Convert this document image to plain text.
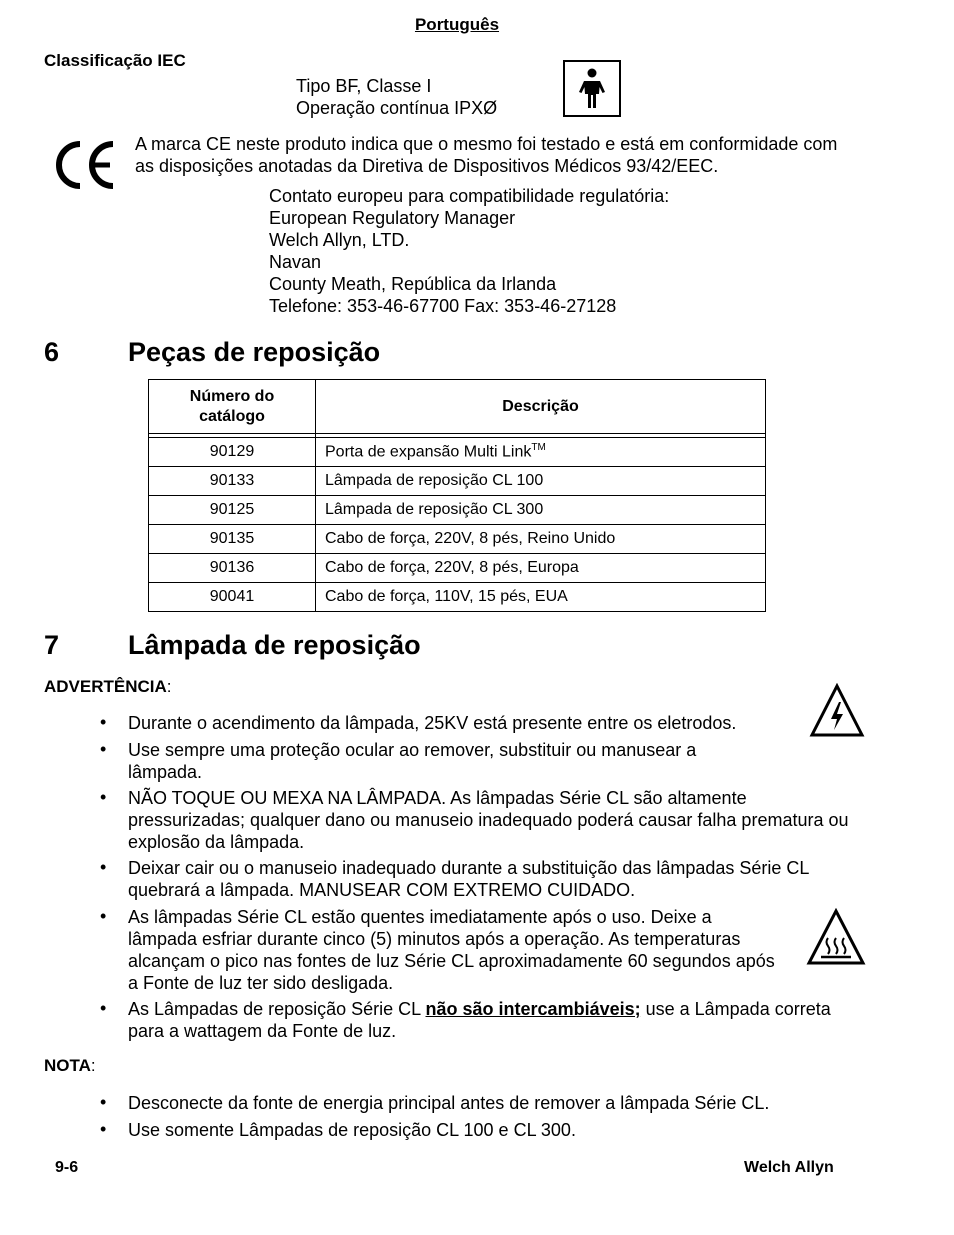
Português
Classificação IEC
Tipo BF, Classe I
Operação contínua IPXØ
A marca CE neste produto indica que o mesmo foi testado e está em conformidade com
as disposições anotadas da Diretiva de Dispositivos Médicos 93/42/EEC.
Contato europeu para compatibilidade regulatória:
European Regulatory Manager
Welch Allyn, LTD.
Navan
County Meath, República da Irlanda
Telefone: 353-46-67700 Fax: 353-46-27128
6	Peças de reposição
Número do
catálogo	Descrição

90129	Porta de expansão Multi Link™
90133	Lâmpada de reposição CL 100
90125	Lâmpada de reposição CL 300
90135	Cabo de força, 220V, 8 pés, Reino Unido
90136	Cabo de força, 220V, 8 pés, Europa
90041	Cabo de força, 110V, 15 pés, EUA
7	Lâmpada de reposição
ADVERTÊNCIA:
• Durante o acendimento da lâmpada, 25KV está presente entre os eletrodos.
• Use sempre uma proteção ocular ao remover, substituir ou manusear a
lâmpada.
• NÃO TOQUE OU MEXA NA LÂMPADA. As lâmpadas Série CL são altamente
pressurizadas; qualquer dano ou manuseio inadequado poderá causar falha prematura ou
explosão da lâmpada.
• Deixar cair ou o manuseio inadequado durante a substituição das lâmpadas Série CL
quebrará a lâmpada. MANUSEAR COM EXTREMO CUIDADO.
• As lâmpadas Série CL estão quentes imediatamente após o uso. Deixe a
lâmpada esfriar durante cinco (5) minutos após a operação. As temperaturas
alcançam o pico nas fontes de luz Série CL aproximadamente 60 segundos após
a Fonte de luz ter sido desligada.
• As Lâmpadas de reposição Série CL não são intercambiáveis; use a Lâmpada correta
para a wattagem da Fonte de luz.
NOTA:
• Desconecte da fonte de energia principal antes de remover a lâmpada Série CL.
• Use somente Lâmpadas de reposição CL 100 e CL 300.
9-6	Welch Allyn
